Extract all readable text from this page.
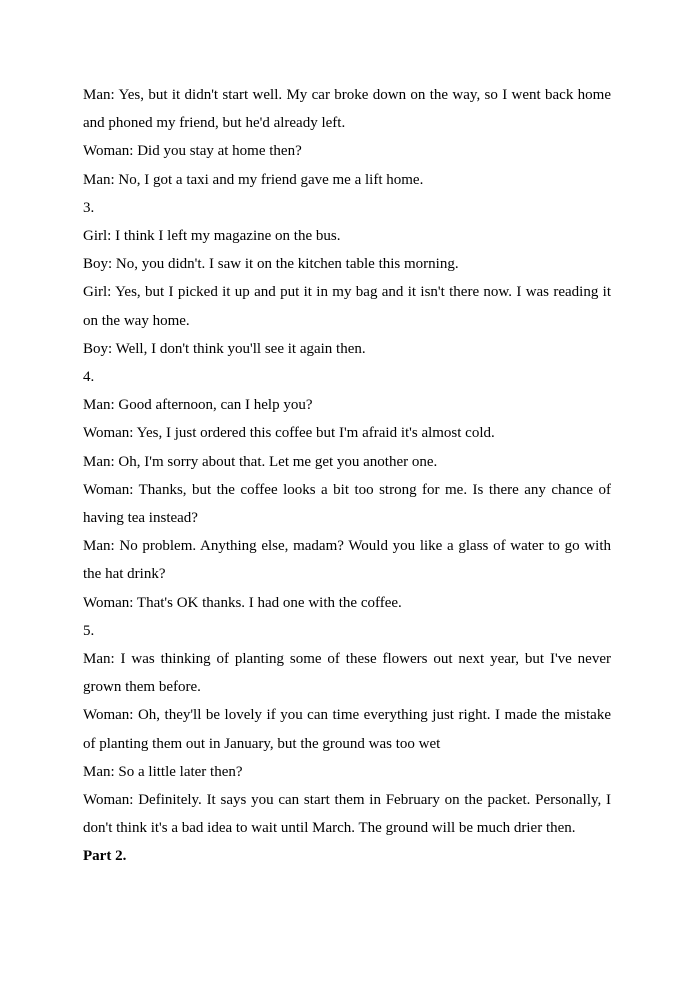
Man: Yes, but it didn't start well. My car broke down on the way, so I went back home and phoned my friend, but he'd already left.

Woman: Did you stay at home then?

Man: No, I got a taxi and my friend gave me a lift home.

3.

Girl: I think I left my magazine on the bus.

Boy: No, you didn't. I saw it on the kitchen table this morning.

Girl: Yes, but I picked it up and put it in my bag and it isn't there now. I was reading it on the way home.

Boy: Well, I don't think you'll see it again then.

4.

Man: Good afternoon, can I help you?

Woman: Yes, I just ordered this coffee but I'm afraid it's almost cold.

Man: Oh, I'm sorry about that. Let me get you another one.

Woman: Thanks, but the coffee looks a bit too strong for me. Is there any chance of having tea instead?

Man: No problem. Anything else, madam? Would you like a glass of water to go with the hat drink?

Woman: That's OK thanks. I had one with the coffee.

5.

Man: I was thinking of planting some of these flowers out next year, but I've never grown them before.

Woman: Oh, they'll be lovely if you can time everything just right. I made the mistake of planting them out in January, but the ground was too wet

Man: So a little later then?

Woman: Definitely. It says you can start them in February on the packet. Personally, I don't think it's a bad idea to wait until March. The ground will be much drier then.

Part 2.
